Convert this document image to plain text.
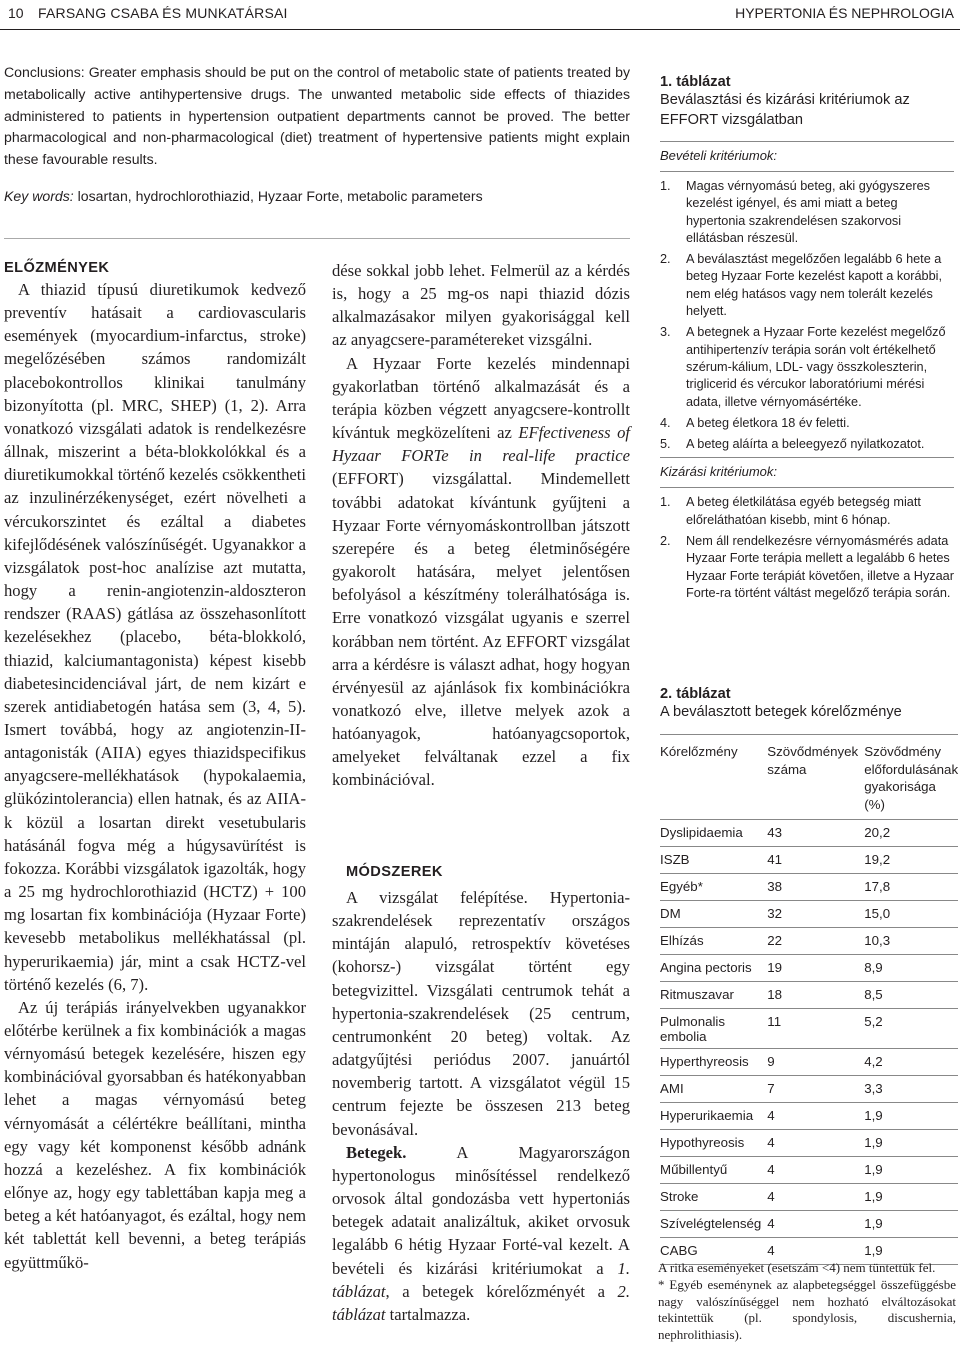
10 FARSANG CSABA ÉS MUNKATÁRSAI	HYPERTONIA ÉS NEPHROLOGIA

Conclusions: Greater emphasis should be put on the control of metabolic state of patients treated by metabolically active antihypertensive drugs. The unwanted metabolic side effects of thiazides administered to patients in hypertension outpatient departments cannot be proved. The better pharmacological and non-pharmacological (diet) treatment of hypertensive patients might explain these favourable results.

Key words: losartan, hydrochlorothiazid, Hyzaar Forte, metabolic parameters

ELŐZMÉNYEK

A thiazid típusú diuretikumok kedvező preventív hatásait a cardiovascularis események (myocardium-infarctus, stroke) megelőzésében számos randomizált placebokontrollos klinikai tanulmány bizonyította (pl. MRC, SHEP) (1, 2). Arra vonatkozó vizsgálati adatok is rendelkezésre állnak, miszerint a béta-blokkolókkal és a diuretikumokkal történő kezelés csökkentheti az inzulinérzékenységet, ezért növelheti a vércukorszintet és ezáltal a diabetes kifejlődésének valószínűségét. Ugyanakkor a vizsgálatok post-hoc analízise azt mutatta, hogy a renin-angiotenzin-aldoszteron rendszer (RAAS) gátlása az összehasonlított kezelésekhez (placebo, béta-blokkoló, thiazid, kalciumantagonista) képest kisebb diabetesincidenciával járt, de nem kizárt e szerek antidiabetogén hatása sem (3, 4, 5). Ismert továbbá, hogy az angiotenzin-II-antagonisták (AIIA) egyes thiazidspecifikus anyagcsere-mellékhatások (hypokalaemia, glükózintolerancia) ellen hatnak, és az AIIA-k közül a losartan direkt vesetubularis hatásánál fogva még a húgysavürítést is fokozza. Korábbi vizsgálatok igazolták, hogy a 25 mg hydrochlorothiazid (HCTZ) + 100 mg losartan fix kombinációja (Hyzaar Forte) kevesebb metabolikus mellékhatással (pl. hyperurikaemia) jár, mint a csak HCTZ-vel történő kezelés (6, 7).

Az új terápiás irányelvekben ugyanakkor előtérbe kerülnek a fix kombinációk a magas vérnyomású betegek kezelésére, hiszen egy kombinációval gyorsabban és hatékonyabban lehet a magas vérnyomású beteg vérnyomását a célértékre beállítani, mintha egy vagy két komponenst később adnánk hozzá a kezeléshez. A fix kombinációk előnye az, hogy egy tablettában kapja meg a beteg a két hatóanyagot, és ezáltal, hogy nem két tablettát kell bevenni, a beteg terápiás együttműkö-

dése sokkal jobb lehet. Felmerül az a kérdés is, hogy a 25 mg-os napi thiazid dózis alkalmazásakor milyen gyakorisággal kell az anyagcsere-paramétereket vizsgálni.

A Hyzaar Forte kezelés mindennapi gyakorlatban történő alkalmazását és a terápia közben végzett anyagcsere-kontrollt kívántuk megközelíteni az EFfectiveness of Hyzaar FORTe in real-life practice (EFFORT) vizsgálattal. Mindemellett további adatokat kívántunk gyűjteni a Hyzaar Forte vérnyomáskontrollban játszott szerepére és a beteg életminőségére gyakorolt hatására, melyet jelentősen befolyásol a készítmény tolerálhatósága is. Erre vonatkozó vizsgálat ugyanis e szerrel korábban nem történt. Az EFFORT vizsgálat arra a kérdésre is választ adhat, hogy hogyan érvényesül az ajánlások fix kombinációkra vonatkozó elve, illetve melyek azok a hatóanyagok, hatóanyagcsoportok, amelyeket felváltanak ezzel a fix kombinációval.

MÓDSZEREK

A vizsgálat felépítése. Hypertonia-szakrendelések reprezentatív országos mintáján alapuló, retrospektív követéses (kohorsz-) vizsgálat történt egy betegvizittel. Vizsgálati centrumok tehát a hypertonia-szakrendelések (25 centrum, centrumonként 20 beteg) voltak. Az adatgyűjtési periódus 2007. januártól novemberig tartott. A vizsgálatot végül 15 centrum fejezte be összesen 213 beteg bevonásával.

Betegek. A Magyarországon hypertonologus minősítéssel rendelkező orvosok által gondozásba vett hypertoniás betegek adatait analizáltuk, akiket orvosuk legalább 6 hétig Hyzaar Forté-val kezelt. A bevételi és kizárási kritériumokat a 1. táblázat, a betegek kórelőzményét a 2. táblázat tartalmazza.

1. táblázat

Beválasztási és kizárási kritériumok az EFFORT vizsgálatban

Bevételi kritériumok:

1. Magas vérnyomású beteg, aki gyógyszeres kezelést igényel, és ami miatt a beteg hypertonia szakrendelésen szakorvosi ellátásban részesül.
2. A beválasztást megelőzően legalább 6 hete a beteg Hyzaar Forte kezelést kapott a korábbi, nem elég hatásos vagy nem tolerált kezelés helyett.
3. A betegnek a Hyzaar Forte kezelést megelőző antihipertenzív terápia során volt értékelhető szérum-kálium, LDL- vagy összkoleszterin, triglicerid és vércukor laboratóriumi mérési adata, illetve vérnyomásértéke.
4. A beteg életkora 18 év feletti.
5. A beteg aláírta a beleegyező nyilatkozatot.

Kizárási kritériumok:

1. A beteg életkilátása egyéb betegség miatt előreláthatóan kisebb, mint 6 hónap.
2. Nem áll rendelkezésre vérnyomásmérés adata Hyzaar Forte terápia mellett a legalább 6 hetes Hyzaar Forte terápiát követően, illetve a Hyzaar Forte-ra történt váltást megelőző terápia során.

2. táblázat

A beválasztott betegek kórelőzménye

Kórelőzmény	Szövődmények száma	Szövődmény előfordulásának gyakorisága (%)
Dyslipidaemia	43	20,2
ISZB	41	19,2
Egyéb*	38	17,8
DM	32	15,0
Elhízás	22	10,3
Angina pectoris	19	8,9
Ritmuszavar	18	8,5
Pulmonalis embolia	11	5,2
Hyperthyreosis	9	4,2
AMI	7	3,3
Hyperurikaemia	4	1,9
Hypothyreosis	4	1,9
Műbillentyű	4	1,9
Stroke	4	1,9
Szívelégtelenség	4	1,9
CABG	4	1,9

A ritka eseményeket (esetszám <4) nem tüntettük fel.

* Egyéb eseménynek az alapbetegséggel összefüggésbe nagy valószínűséggel nem hozható elváltozásokat tekintettük (pl. spondylosis, discushernia, nephrolithiasis).
